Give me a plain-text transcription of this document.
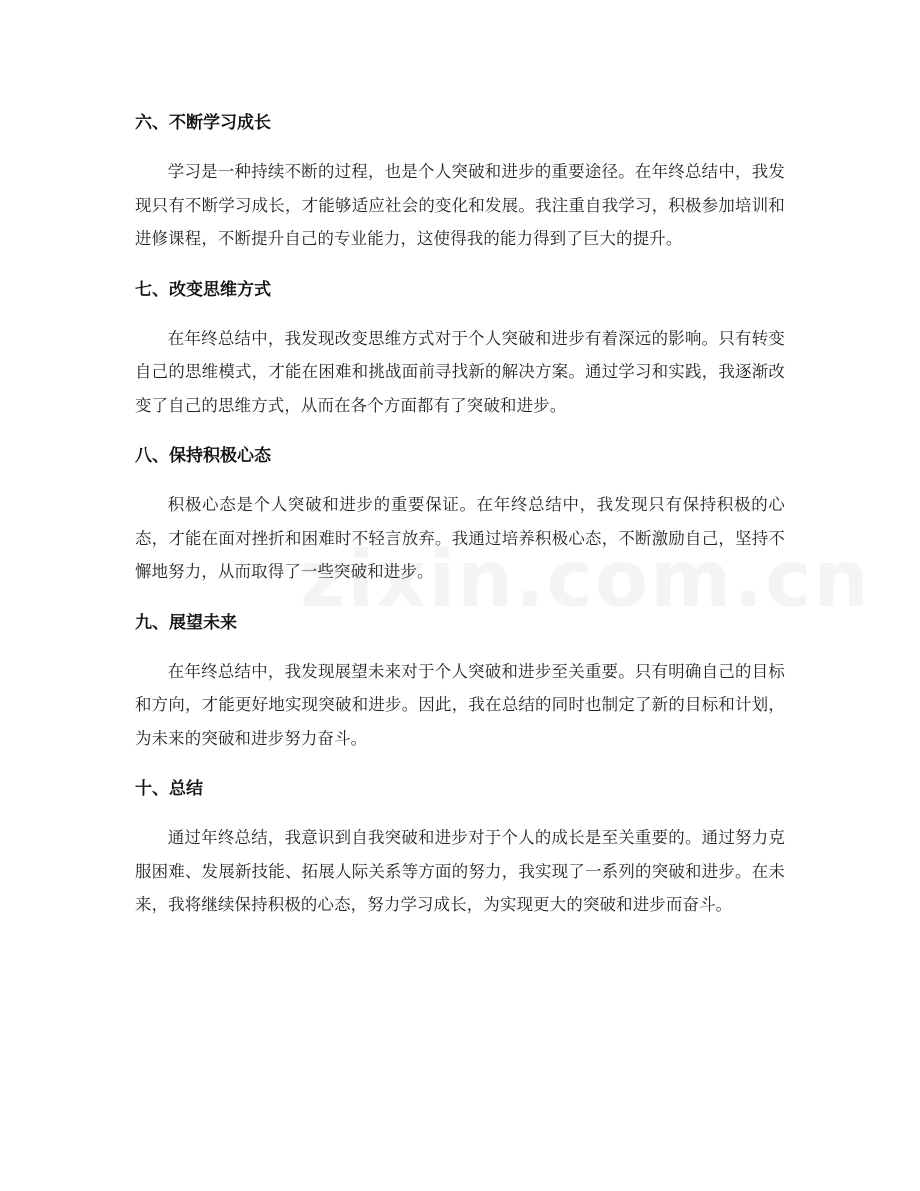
六、不断学习成长

学习是一种持续不断的过程，也是个人突破和进步的重要途径。在年终总结中，我发现只有不断学习成长，才能够适应社会的变化和发展。我注重自我学习，积极参加培训和进修课程，不断提升自己的专业能力，这使得我的能力得到了巨大的提升。

七、改变思维方式

在年终总结中，我发现改变思维方式对于个人突破和进步有着深远的影响。只有转变自己的思维模式，才能在困难和挑战面前寻找新的解决方案。通过学习和实践，我逐渐改变了自己的思维方式，从而在各个方面都有了突破和进步。

八、保持积极心态

积极心态是个人突破和进步的重要保证。在年终总结中，我发现只有保持积极的心态，才能在面对挫折和困难时不轻言放弃。我通过培养积极心态，不断激励自己，坚持不懈地努力，从而取得了一些突破和进步。

九、展望未来

在年终总结中，我发现展望未来对于个人突破和进步至关重要。只有明确自己的目标和方向，才能更好地实现突破和进步。因此，我在总结的同时也制定了新的目标和计划，为未来的突破和进步努力奋斗。

十、总结

通过年终总结，我意识到自我突破和进步对于个人的成长是至关重要的。通过努力克服困难、发展新技能、拓展人际关系等方面的努力，我实现了一系列的突破和进步。在未来，我将继续保持积极的心态，努力学习成长，为实现更大的突破和进步而奋斗。
